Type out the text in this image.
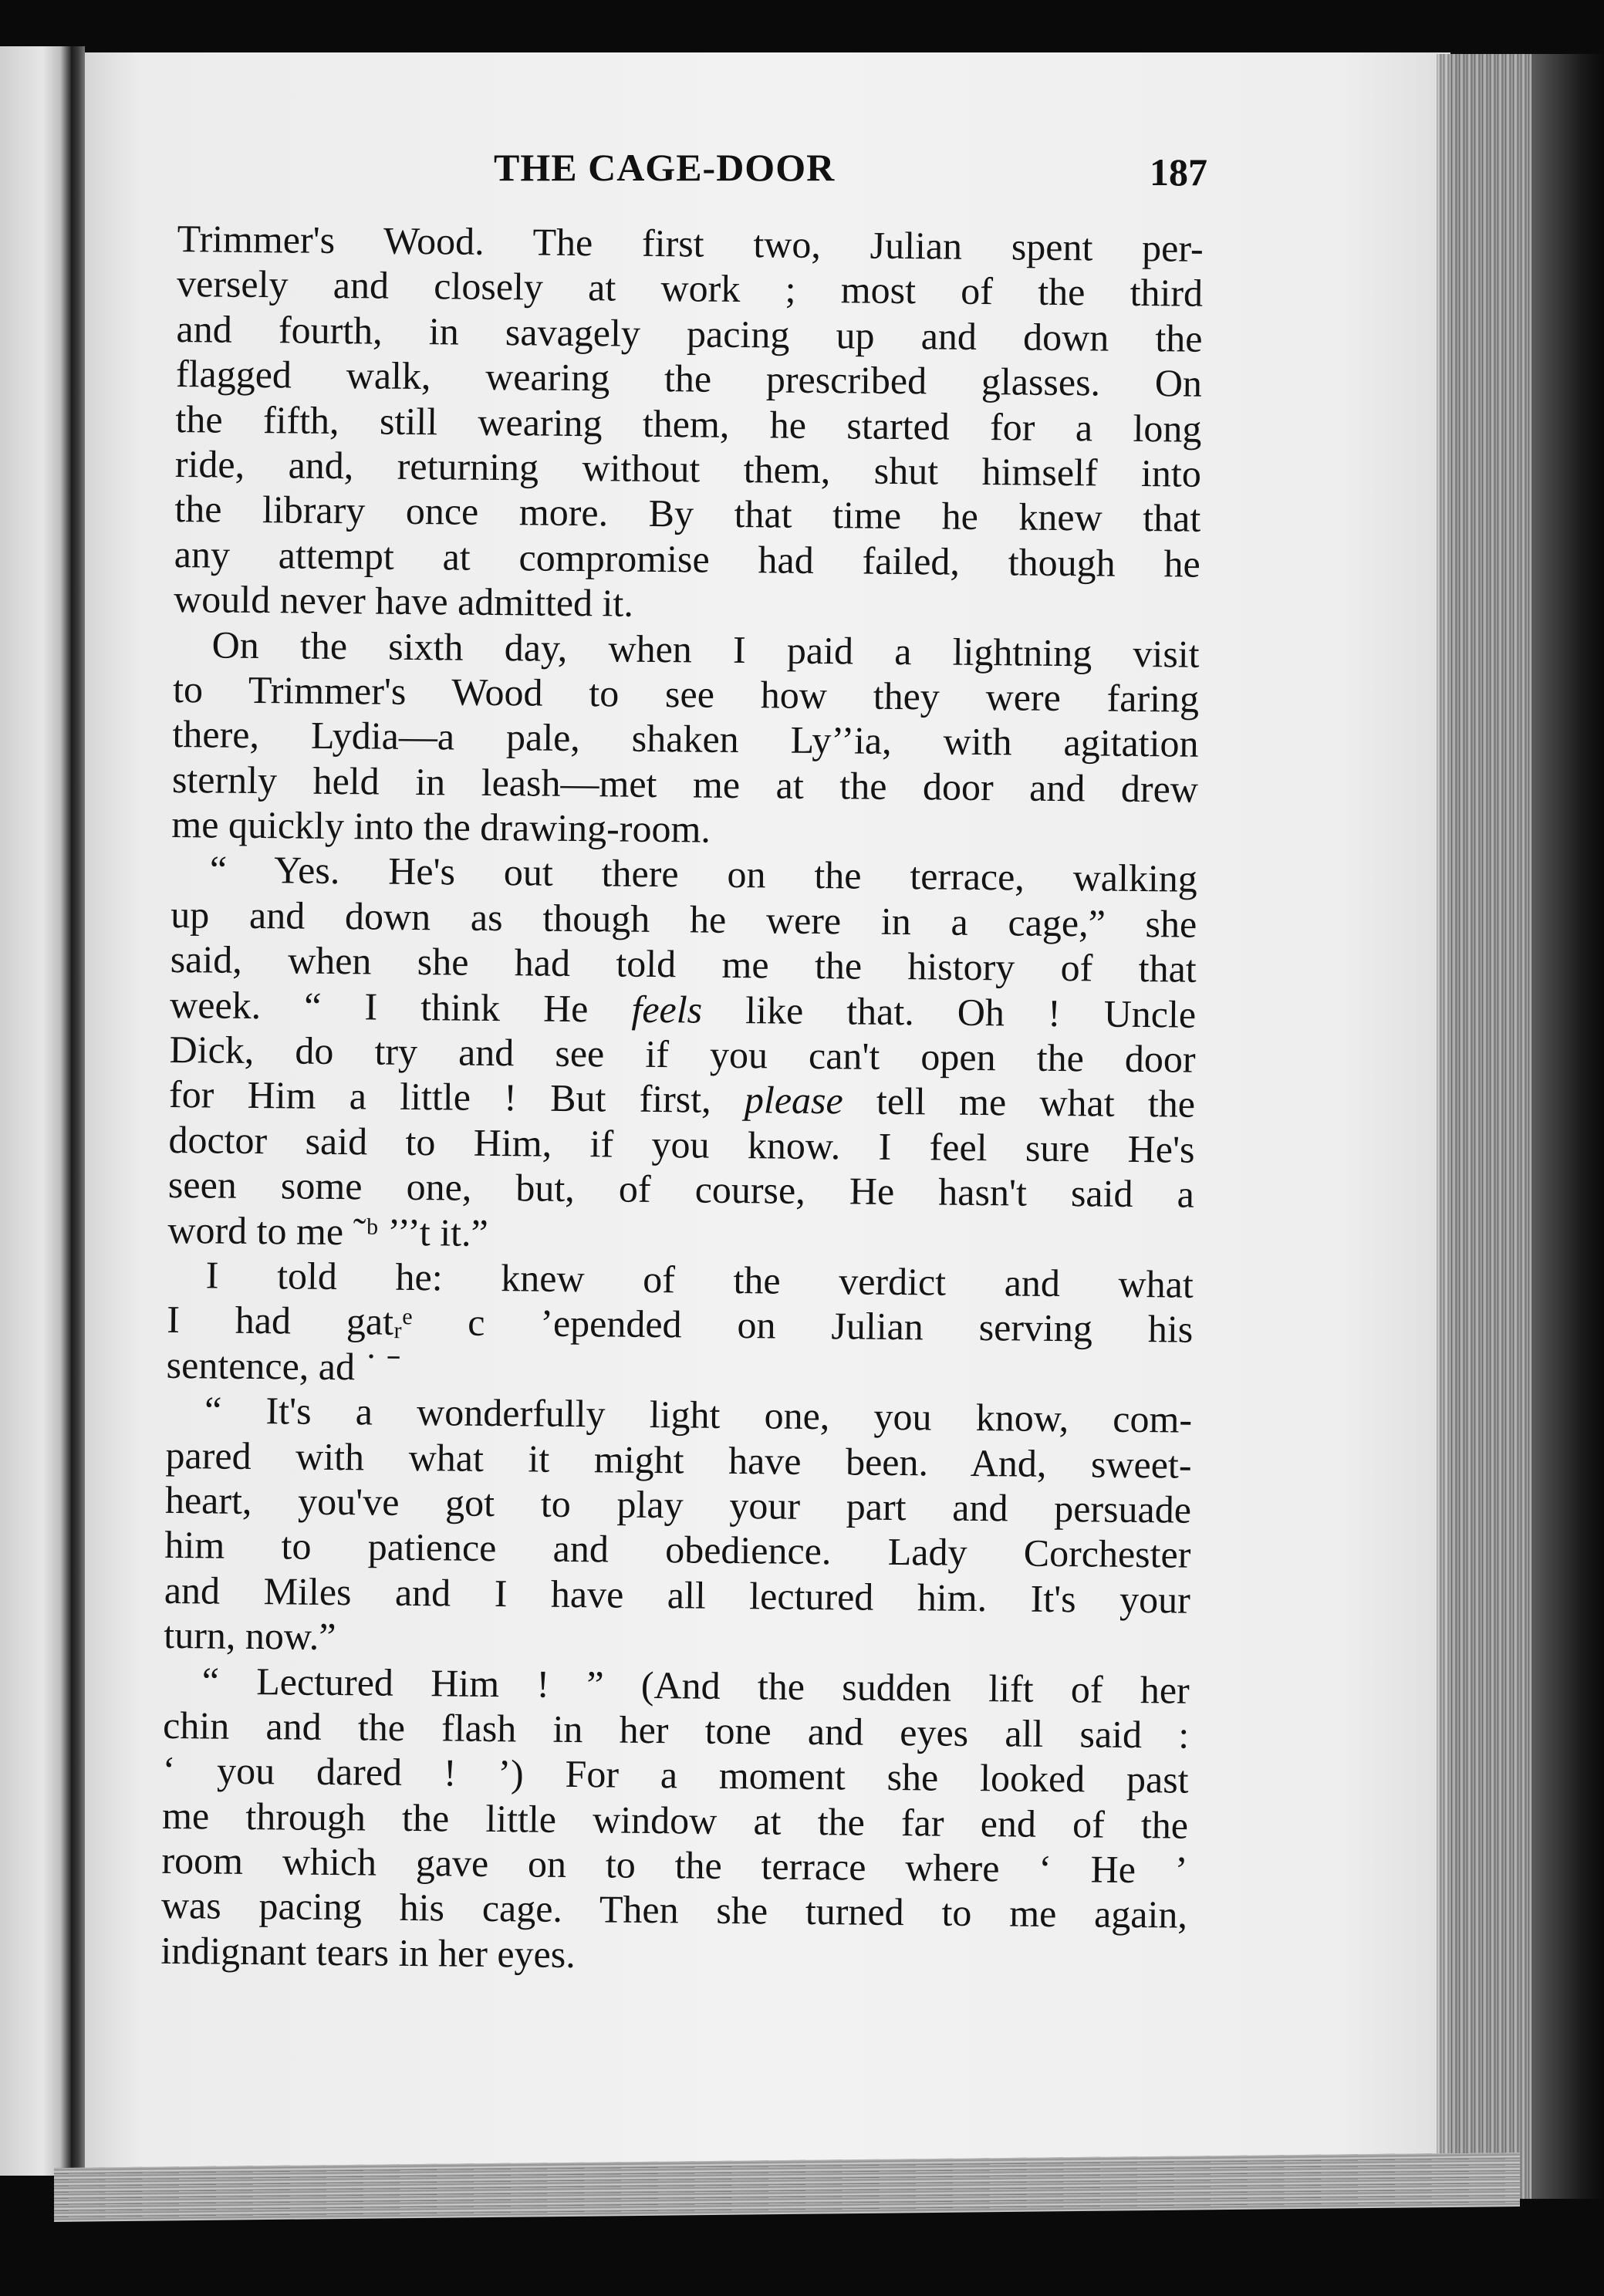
THE CAGE-DOOR	187
Trimmer's Wood. The first two, Julian spent per-
versely and closely at work ; most of the third
and fourth, in savagely pacing up and down the
flagged walk, wearing the prescribed glasses. On
the fifth, still wearing them, he started for a long
ride, and, returning without them, shut himself into
the library once more. By that time he knew that
any attempt at compromise had failed, though he
would never have admitted it.
On the sixth day, when I paid a lightning visit
to Trimmer's Wood to see how they were faring
there, Lydia—a pale, shaken Ly’’ia, with agitation
sternly held in leash—met me at the door and drew
me quickly into the drawing-room.
“ Yes. He's out there on the terrace, walking
up and down as though he were in a cage,” she
said, when she had told me the history of that
week. “ I think He feels like that. Oh ! Uncle
Dick, do try and see if you can't open the door
for Him a little ! But first, please tell me what the
doctor said to Him, if you know. I feel sure He's
seen some one, but, of course, He hasn't said a
word to me ˜ᵇ ’’’t it.”
I told he: knew of the verdict and what
I had gatᵣᵉ c ’epended on Julian serving his
sentence, ad ˙ ˉ
“ It's a wonderfully light one, you know, com-
pared with what it might have been. And, sweet-
heart, you've got to play your part and persuade
him to patience and obedience. Lady Corchester
and Miles and I have all lectured him. It's your
turn, now.”
“ Lectured Him ! ” (And the sudden lift of her
chin and the flash in her tone and eyes all said :
‘ you dared ! ’) For a moment she looked past
me through the little window at the far end of the
room which gave on to the terrace where ‘ He ’
was pacing his cage. Then she turned to me again,
indignant tears in her eyes.
